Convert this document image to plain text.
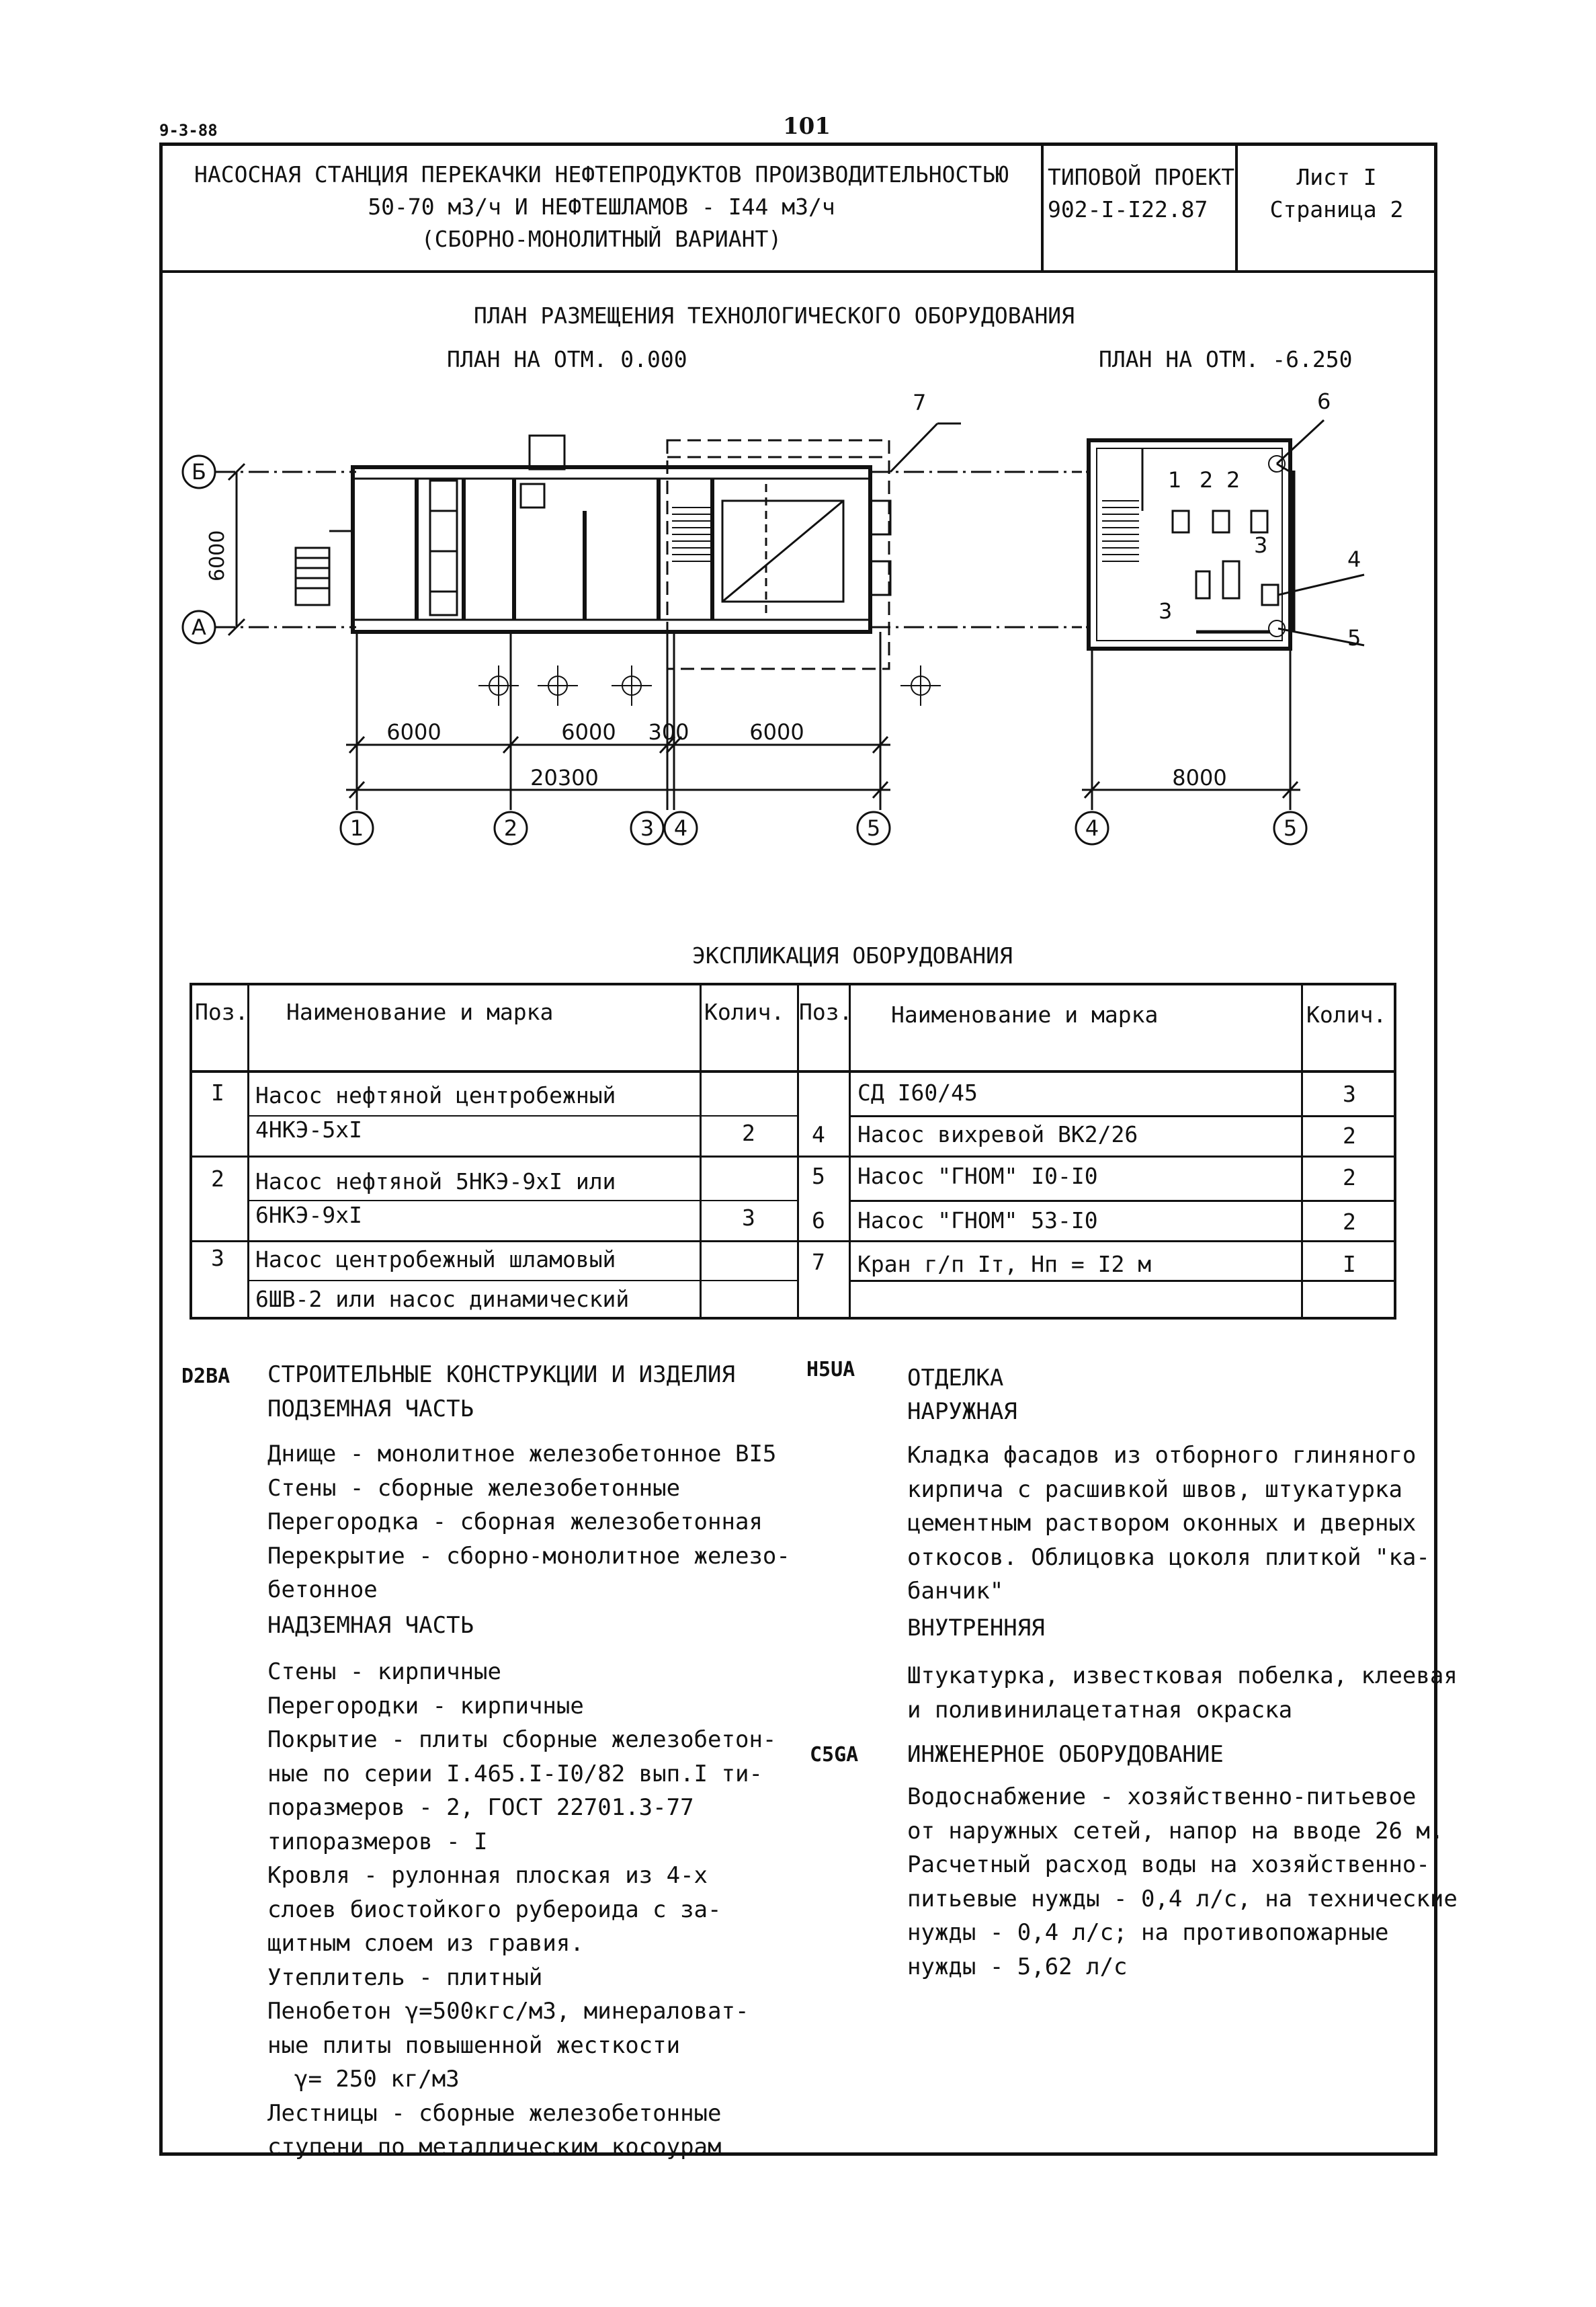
9-3-88	101
НАСОСНАЯ СТАНЦИЯ ПЕРЕКАЧКИ НЕФТЕПРОДУКТОВ ПРОИЗВОДИТЕЛЬНОСТЬЮ
50-70 м3/ч И НЕФТЕШЛАМОВ - I44 м3/ч
(СБОРНО-МОНОЛИТНЫЙ ВАРИАНТ)
ТИПОВОЙ ПРОЕКТ
902-I-I22.87
Лист I
Страница 2
ПЛАН РАЗМЕЩЕНИЯ ТЕХНОЛОГИЧЕСКОГО ОБОРУДОВАНИЯ
ПЛАН НА ОТМ. 0.000	ПЛАН НА ОТМ. -6.250
Б
А
6000
6000	6000 300	6000
20300	8000
1	2	3 4	5	4	5
1 2 2
3
3
4
5
6
7
ЭКСПЛИКАЦИЯ ОБОРУДОВАНИЯ
Поз. Наименование и марка	Колич. Поз. Наименование и марка	Колич.
I Насос нефтяной центробежный
4НКЭ-5хI	2
2 Насос нефтяной 5НКЭ-9хI или
6НКЭ-9хI	3
3 Насос центробежный шламовый
6ШВ-2 или насос динамический
СД I60/45	3
4 Насос вихревой ВК2/26	2
5 Насос "ГНОМ" I0-I0	2
6 Насос "ГНОМ" 53-I0	2
7 Кран г/п Iт, Нп = I2 м	I
D2BA СТРОИТЕЛЬНЫЕ КОНСТРУКЦИИ И ИЗДЕЛИЯ
ПОДЗЕМНАЯ ЧАСТЬ
Днище - монолитное железобетонное ВI5
Стены - сборные железобетонные
Перегородка - сборная железобетонная
Перекрытие - сборно-монолитное железо-
бетонное
НАДЗЕМНАЯ ЧАСТЬ
Стены - кирпичные
Перегородки - кирпичные
Покрытие - плиты сборные железобетон-
ные по серии I.465.I-I0/82 вып.I ти-
поразмеров - 2, ГОСТ 22701.3-77
типоразмеров - I
Кровля - рулонная плоская из 4-х
слоев биостойкого рубероида с за-
щитным слоем из гравия.
Утеплитель - плитный
Пенобетон γ=500кгс/м3, минераловат-
ные плиты повышенной жесткости
γ= 250 кг/м3
Лестницы - сборные железобетонные
ступени по металлическим косоурам
Н5UА ОТДЕЛКА
НАРУЖНАЯ
Кладка фасадов из отборного глиняного
кирпича с расшивкой швов, штукатурка
цементным раствором оконных и дверных
откосов. Облицовка цоколя плиткой "ка-
банчик"
ВНУТРЕННЯЯ
Штукатурка, известковая побелка, клеевая
и поливинилацетатная окраска
С5GA ИНЖЕНЕРНОЕ ОБОРУДОВАНИЕ
Водоснабжение - хозяйственно-питьевое
от наружных сетей, напор на вводе 26 м.
Расчетный расход воды на хозяйственно-
питьевые нужды - 0,4 л/с, на технические
нужды - 0,4 л/с; на противопожарные
нужды - 5,62 л/с
